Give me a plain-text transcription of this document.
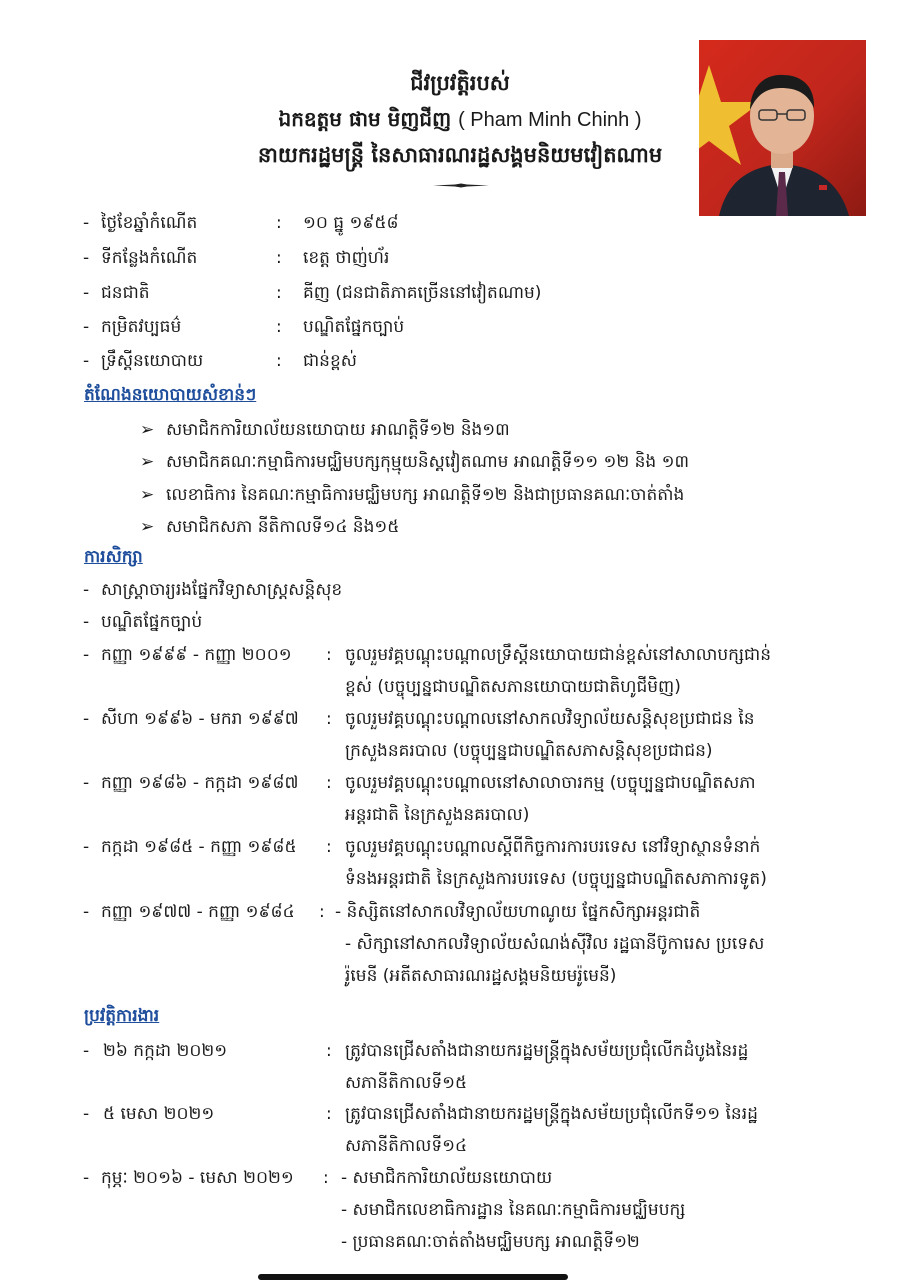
ជីវប្រវត្តិរបស់
ឯកឧត្តម ផាម មិញជីញ ( Pham Minh Chinh )
នាយករដ្ឋមន្ត្រី នៃសាធារណរដ្ឋសង្គមនិយមវៀតណាម
- ថ្ងៃខែឆ្នាំកំណើត	: ១០ ធ្នូ ១៩៥៨
- ទីកន្លែងកំណើត	: ខេត្ត ថាញ់ហ័រ
- ជនជាតិ	: គីញ (ជនជាតិភាគច្រើននៅវៀតណាម)
- កម្រិតវប្បធម៌	: បណ្ឌិតផ្នែកច្បាប់
- ទ្រឹស្តីនយោបាយ	: ជាន់ខ្ពស់
តំណែងនយោបាយសំខាន់ៗ
➢ សមាជិកការិយាល័យនយោបាយ អាណត្តិទី១២ និង១៣
➢ សមាជិកគណៈកម្មាធិការមជ្ឈិមបក្សកុម្មុយនិស្តវៀតណាម អាណត្តិទី១១ ១២ និង ១៣
➢ លេខាធិការ នៃគណៈកម្មាធិការមជ្ឈិមបក្ស អាណត្តិទី១២ និងជាប្រធានគណៈចាត់តាំង
➢ សមាជិកសភា នីតិកាលទី១៤ និង១៥
ការសិក្សា
- សាស្ត្រាចារ្យរងផ្នែកវិទ្យាសាស្ត្រសន្តិសុខ
- បណ្ឌិតផ្នែកច្បាប់
- កញ្ញា ១៩៩៩ - កញ្ញា ២០០១ : ចូលរួមវគ្គបណ្តុះបណ្តាលទ្រឹស្តីនយោបាយជាន់ខ្ពស់នៅសាលាបក្សជាន់
ខ្ពស់ (បច្ចុប្បន្នជាបណ្ឌិតសភានយោបាយជាតិហូជីមិញ)
- សីហា ១៩៩៦ - មករា ១៩៩៧ : ចូលរួមវគ្គបណ្តុះបណ្តាលនៅសាកលវិទ្យាល័យសន្តិសុខប្រជាជន នៃ
ក្រសួងនគរបាល (បច្ចុប្បន្នជាបណ្ឌិតសភាសន្តិសុខប្រជាជន)
- កញ្ញា ១៩៨៦ - កក្កដា ១៩៨៧ : ចូលរួមវគ្គបណ្តុះបណ្តាលនៅសាលាចារកម្ម (បច្ចុប្បន្នជាបណ្ឌិតសភា
អន្តរជាតិ នៃក្រសួងនគរបាល)
- កក្កដា ១៩៨៥ - កញ្ញា ១៩៨៥ : ចូលរួមវគ្គបណ្តុះបណ្តាលស្តីពីកិច្ចការការបរទេស នៅវិទ្យាស្ថានទំនាក់
ទំនងអន្តរជាតិ នៃក្រសួងការបរទេស (បច្ចុប្បន្នជាបណ្ឌិតសភាការទូត)
- កញ្ញា ១៩៧៧ - កញ្ញា ១៩៨៤ : - និស្សិតនៅសាកលវិទ្យាល័យហាណូយ ផ្នែកសិក្សាអន្តរជាតិ
- សិក្សានៅសាកលវិទ្យាល័យសំណង់ស៊ីវិល រដ្ឋធានីប៊ូការេស ប្រទេស
រ៉ូមេនី (អតីតសាធារណរដ្ឋសង្គមនិយមរ៉ូមេនី)
ប្រវត្តិការងារ
- ២៦ កក្កដា ២០២១	: ត្រូវបានជ្រើសតាំងជានាយករដ្ឋមន្ត្រីក្នុងសម័យប្រជុំលើកដំបូងនៃរដ្ឋ
សភានីតិកាលទី១៥
- ៥ មេសា ២០២១	: ត្រូវបានជ្រើសតាំងជានាយករដ្ឋមន្ត្រីក្នុងសម័យប្រជុំលើកទី១១ នៃរដ្ឋ
សភានីតិកាលទី១៤
- កុម្ភៈ ២០១៦ - មេសា ២០២១ : - សមាជិកការិយាល័យនយោបាយ
- សមាជិកលេខាធិការដ្ឋាន នៃគណៈកម្មាធិការមជ្ឈិមបក្ស
- ប្រធានគណៈចាត់តាំងមជ្ឈិមបក្ស អាណត្តិទី១២
